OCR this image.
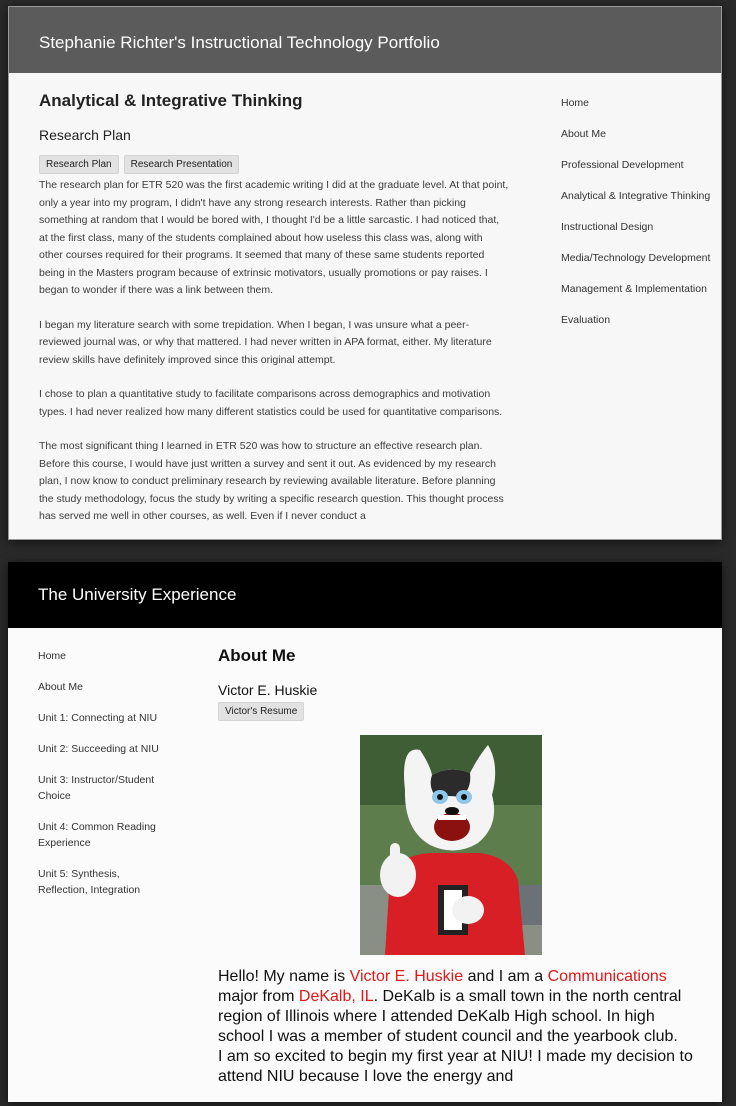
Stephanie Richter's Instructional Technology Portfolio
Analytical & Integrative Thinking
Research Plan
Research Plan	Research Presentation

The research plan for ETR 520 was the first academic writing I did at the graduate level. At that point, only a year into my program, I didn't have any strong research interests. Rather than picking something at random that I would be bored with, I thought I'd be a little sarcastic. I had noticed that, at the first class, many of the students complained about how useless this class was, along with other courses required for their programs. It seemed that many of these same students reported being in the Masters program because of extrinsic motivators, usually promotions or pay raises. I began to wonder if there was a link between them.

I began my literature search with some trepidation. When I began, I was unsure what a peer-reviewed journal was, or why that mattered. I had never written in APA format, either. My literature review skills have definitely improved since this original attempt.

I chose to plan a quantitative study to facilitate comparisons across demographics and motivation types. I had never realized how many different statistics could be used for quantitative comparisons.

The most significant thing I learned in ETR 520 was how to structure an effective research plan. Before this course, I would have just written a survey and sent it out. As evidenced by my research plan, I now know to conduct preliminary research by reviewing available literature. Before planning the study methodology, focus the study by writing a specific research question. This thought process has served me well in other courses, as well. Even if I never conduct a

Home
About Me
Professional Development
Analytical & Integrative Thinking
Instructional Design
Media/Technology Development
Management & Implementation
Evaluation
The University Experience
Home
About Me
Unit 1: Connecting at NIU
Unit 2: Succeeding at NIU
Unit 3: Instructor/Student Choice
Unit 4: Common Reading Experience
Unit 5: Synthesis, Reflection, Integration
About Me
Victor E. Huskie
Victor's Resume

Hello! My name is Victor E. Huskie and I am a Communications major from DeKalb, IL. DeKalb is a small town in the north central region of Illinois where I attended DeKalb High school. In high school I was a member of student council and the yearbook club.

I am so excited to begin my first year at NIU! I made my decision to attend NIU because I love the energy and
